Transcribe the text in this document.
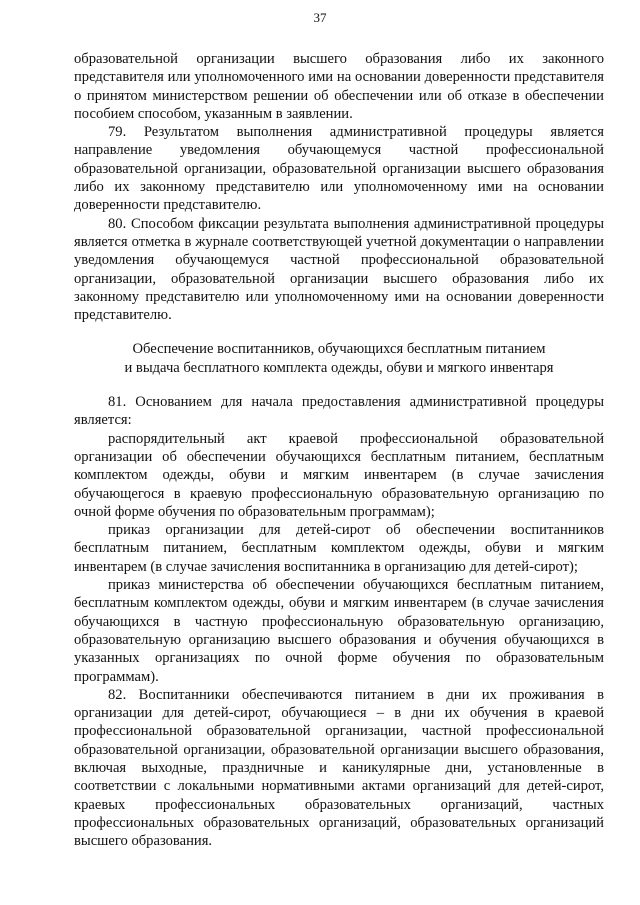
37

образовательной организации высшего образования либо их законного представителя или уполномоченного ими на основании доверенности представителя о принятом министерством решении об обеспечении или об отказе в обеспечении пособием способом, указанным в заявлении.

79. Результатом выполнения административной процедуры является направление уведомления обучающемуся частной профессиональной образовательной организации, образовательной организации высшего образования либо их законному представителю или уполномоченному ими на основании доверенности представителю.

80. Способом фиксации результата выполнения административной процедуры является отметка в журнале соответствующей учетной документации о направлении уведомления обучающемуся частной профессиональной образовательной организации, образовательной организации высшего образования либо их законному представителю или уполномоченному ими на основании доверенности представителю.

Обеспечение воспитанников, обучающихся бесплатным питанием
и выдача бесплатного комплекта одежды, обуви и мягкого инвентаря

81. Основанием для начала предоставления административной процедуры является:

распорядительный акт краевой профессиональной образовательной организации об обеспечении обучающихся бесплатным питанием, бесплатным комплектом одежды, обуви и мягким инвентарем (в случае зачисления обучающегося в краевую профессиональную образовательную организацию по очной форме обучения по образовательным программам);

приказ организации для детей-сирот об обеспечении воспитанников бесплатным питанием, бесплатным комплектом одежды, обуви и мягким инвентарем (в случае зачисления воспитанника в организацию для детей-сирот);

приказ министерства об обеспечении обучающихся бесплатным питанием, бесплатным комплектом одежды, обуви и мягким инвентарем (в случае зачисления обучающихся в частную профессиональную образовательную организацию, образовательную организацию высшего образования и обучения обучающихся в указанных организациях по очной форме обучения по образовательным программам).

82. Воспитанники обеспечиваются питанием в дни их проживания в организации для детей-сирот, обучающиеся – в дни их обучения в краевой профессиональной образовательной организации, частной профессиональной образовательной организации, образовательной организации высшего образования, включая выходные, праздничные и каникулярные дни, установленные в соответствии с локальными нормативными актами организаций для детей-сирот, краевых профессиональных образовательных организаций, частных профессиональных образовательных организаций, образовательных организаций высшего образования.
